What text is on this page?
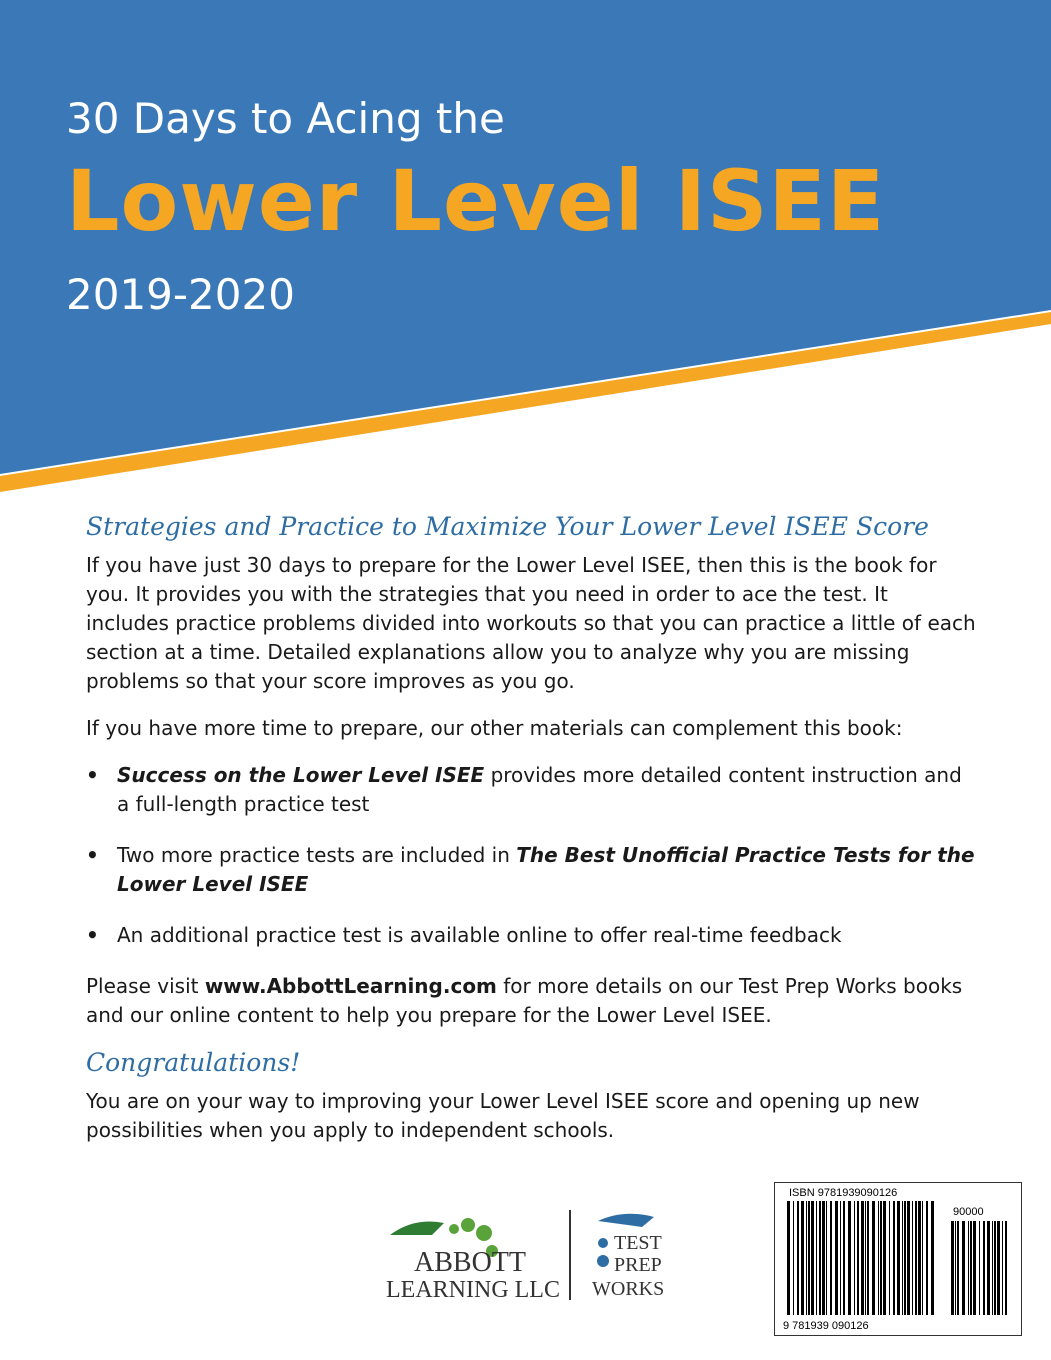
30 Days to Acing the
Lower Level ISEE
2019-2020
Strategies and Practice to Maximize Your Lower Level ISEE Score

If you have just 30 days to prepare for the Lower Level ISEE, then this is the book for you. It provides you with the strategies that you need in order to ace the test. It includes practice problems divided into workouts so that you can practice a little of each section at a time. Detailed explanations allow you to analyze why you are missing problems so that your score improves as you go.

If you have more time to prepare, our other materials can complement this book:

• Success on the Lower Level ISEE provides more detailed content instruction and a full-length practice test
• Two more practice tests are included in The Best Unofficial Practice Tests for the Lower Level ISEE
• An additional practice test is available online to offer real-time feedback

Please visit www.AbbottLearning.com for more details on our Test Prep Works books and our online content to help you prepare for the Lower Level ISEE.

Congratulations!

You are on your way to improving your Lower Level ISEE score and opening up new possibilities when you apply to independent schools.

ABBOTT
LEARNING LLC
TEST
PREP
WORKS
ISBN 9781939090126
90000
9 781939 090126
